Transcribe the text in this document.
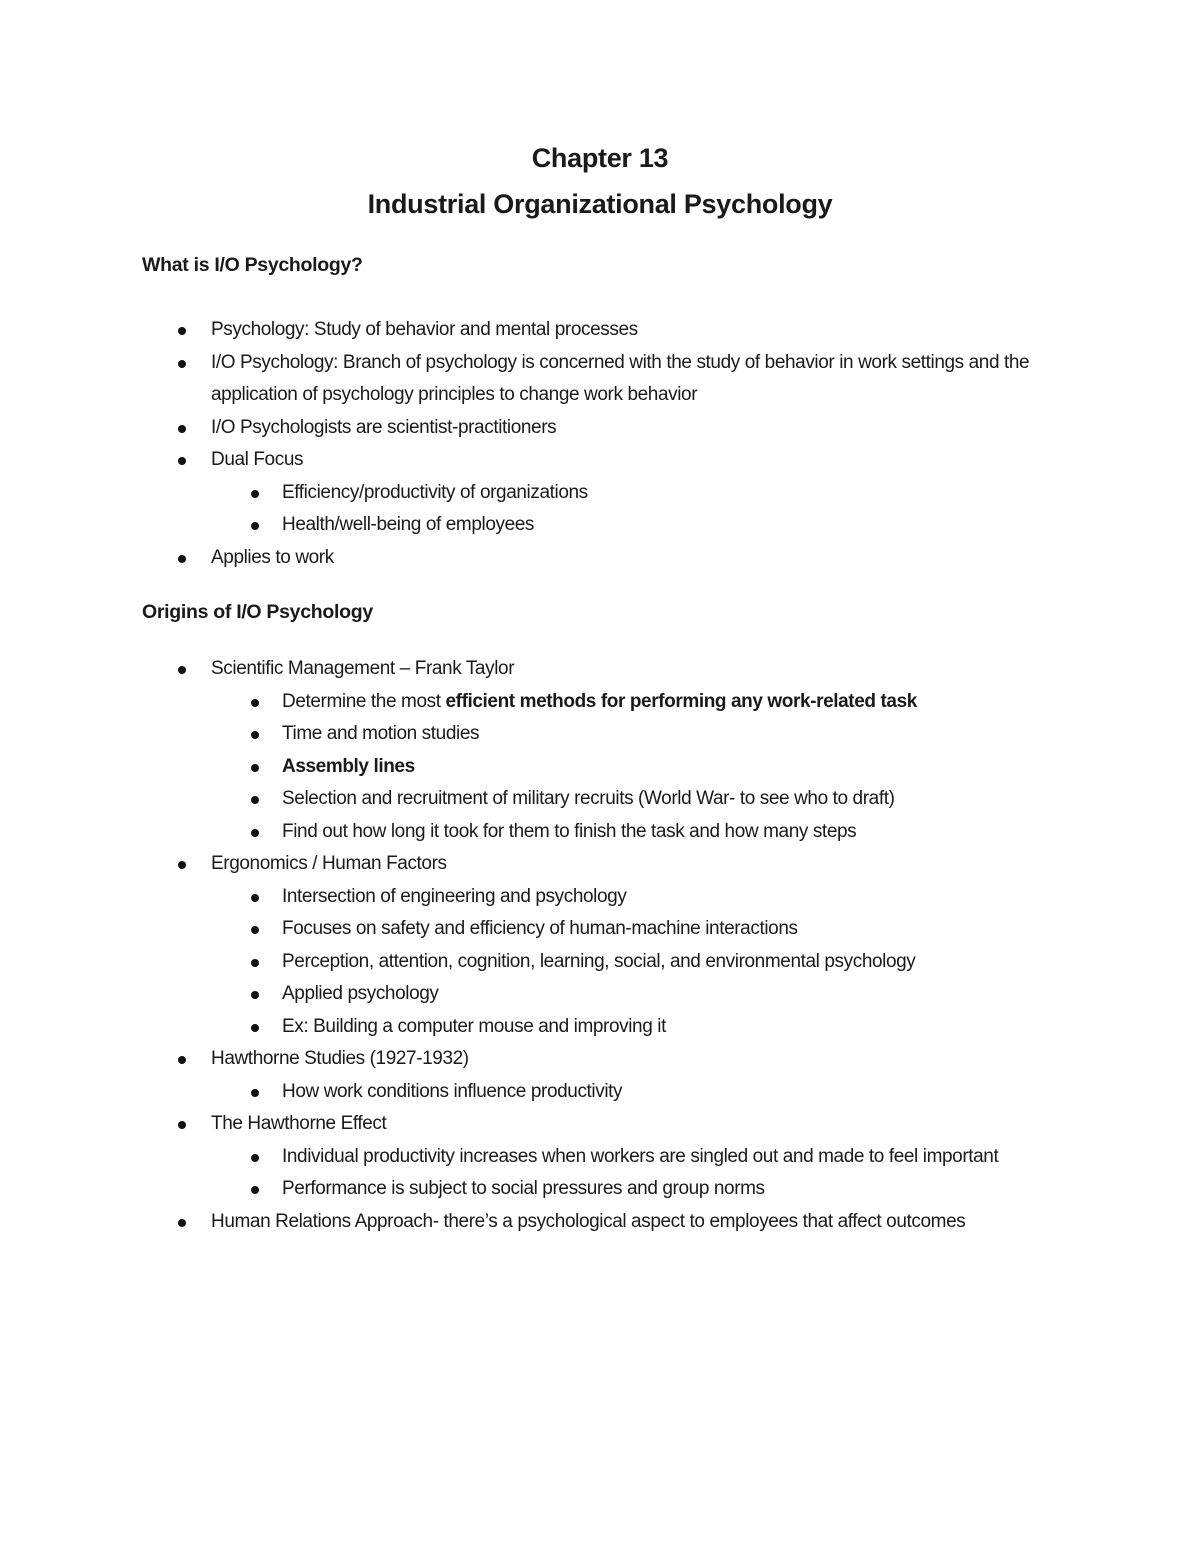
Chapter 13
Industrial Organizational Psychology
What is I/O Psychology?
Psychology: Study of behavior and mental processes
I/O Psychology: Branch of psychology is concerned with the study of behavior in work settings and the application of psychology principles to change work behavior
I/O Psychologists are scientist-practitioners
Dual Focus
Efficiency/productivity of organizations
Health/well-being of employees
Applies to work
Origins of I/O Psychology
Scientific Management – Frank Taylor
Determine the most efficient methods for performing any work-related task
Time and motion studies
Assembly lines
Selection and recruitment of military recruits (World War- to see who to draft)
Find out how long it took for them to finish the task and how many steps
Ergonomics / Human Factors
Intersection of engineering and psychology
Focuses on safety and efficiency of human-machine interactions
Perception, attention, cognition, learning, social, and environmental psychology
Applied psychology
Ex: Building a computer mouse and improving it
Hawthorne Studies (1927-1932)
How work conditions influence productivity
The Hawthorne Effect
Individual productivity increases when workers are singled out and made to feel important
Performance is subject to social pressures and group norms
Human Relations Approach- there’s a psychological aspect to employees that affect outcomes
